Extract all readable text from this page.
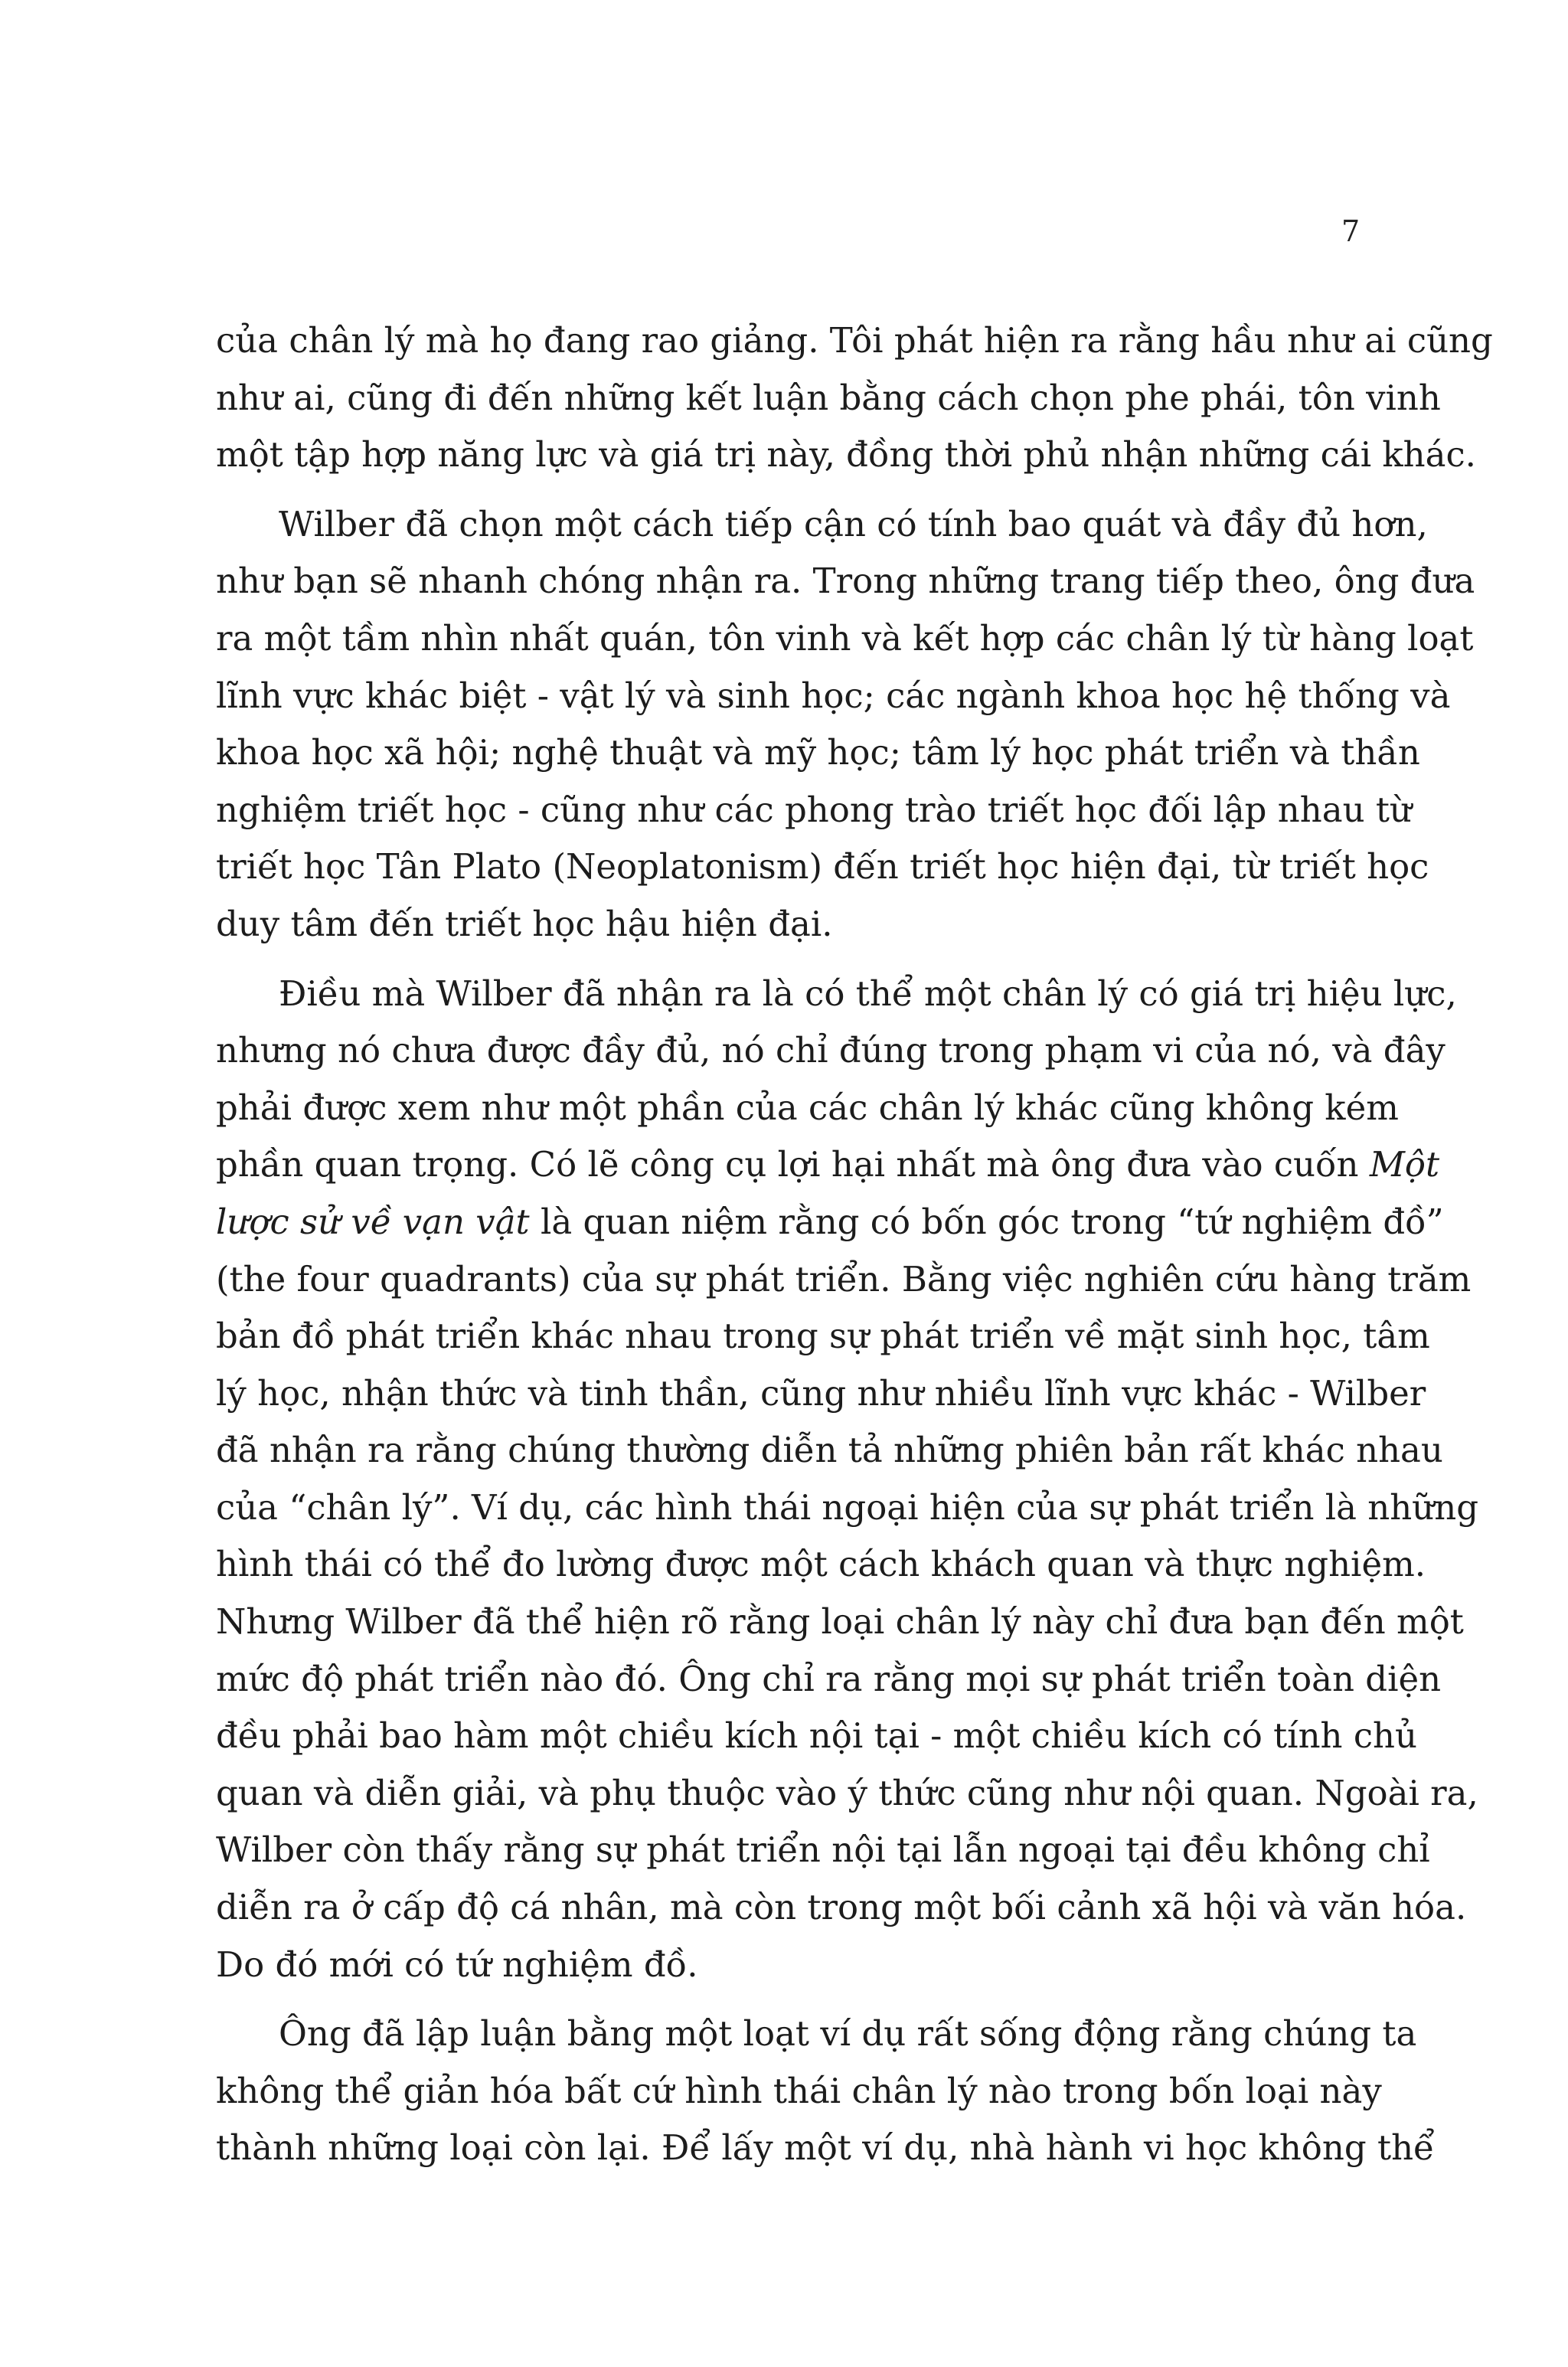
7
của chân lý mà họ đang rao giảng. Tôi phát hiện ra rằng hầu như ai cũng
như ai, cũng đi đến những kết luận bằng cách chọn phe phái, tôn vinh
một tập hợp năng lực và giá trị này, đồng thời phủ nhận những cái khác.
Wilber đã chọn một cách tiếp cận có tính bao quát và đầy đủ hơn,
như bạn sẽ nhanh chóng nhận ra. Trong những trang tiếp theo, ông đưa
ra một tầm nhìn nhất quán, tôn vinh và kết hợp các chân lý từ hàng loạt
lĩnh vực khác biệt - vật lý và sinh học; các ngành khoa học hệ thống và
khoa học xã hội; nghệ thuật và mỹ học; tâm lý học phát triển và thần
nghiệm triết học - cũng như các phong trào triết học đối lập nhau từ
triết học Tân Plato (Neoplatonism) đến triết học hiện đại, từ triết học
duy tâm đến triết học hậu hiện đại.
Điều mà Wilber đã nhận ra là có thể một chân lý có giá trị hiệu lực,
nhưng nó chưa được đầy đủ, nó chỉ đúng trong phạm vi của nó, và đây
phải được xem như một phần của các chân lý khác cũng không kém
phần quan trọng. Có lẽ công cụ lợi hại nhất mà ông đưa vào cuốn Một
lược sử về vạn vật là quan niệm rằng có bốn góc trong “tứ nghiệm đồ”
(the four quadrants) của sự phát triển. Bằng việc nghiên cứu hàng trăm
bản đồ phát triển khác nhau trong sự phát triển về mặt sinh học, tâm
lý học, nhận thức và tinh thần, cũng như nhiều lĩnh vực khác - Wilber
đã nhận ra rằng chúng thường diễn tả những phiên bản rất khác nhau
của “chân lý”. Ví dụ, các hình thái ngoại hiện của sự phát triển là những
hình thái có thể đo lường được một cách khách quan và thực nghiệm.
Nhưng Wilber đã thể hiện rõ rằng loại chân lý này chỉ đưa bạn đến một
mức độ phát triển nào đó. Ông chỉ ra rằng mọi sự phát triển toàn diện
đều phải bao hàm một chiều kích nội tại - một chiều kích có tính chủ
quan và diễn giải, và phụ thuộc vào ý thức cũng như nội quan. Ngoài ra,
Wilber còn thấy rằng sự phát triển nội tại lẫn ngoại tại đều không chỉ
diễn ra ở cấp độ cá nhân, mà còn trong một bối cảnh xã hội và văn hóa.
Do đó mới có tứ nghiệm đồ.
Ông đã lập luận bằng một loạt ví dụ rất sống động rằng chúng ta
không thể giản hóa bất cứ hình thái chân lý nào trong bốn loại này
thành những loại còn lại. Để lấy một ví dụ, nhà hành vi học không thể
